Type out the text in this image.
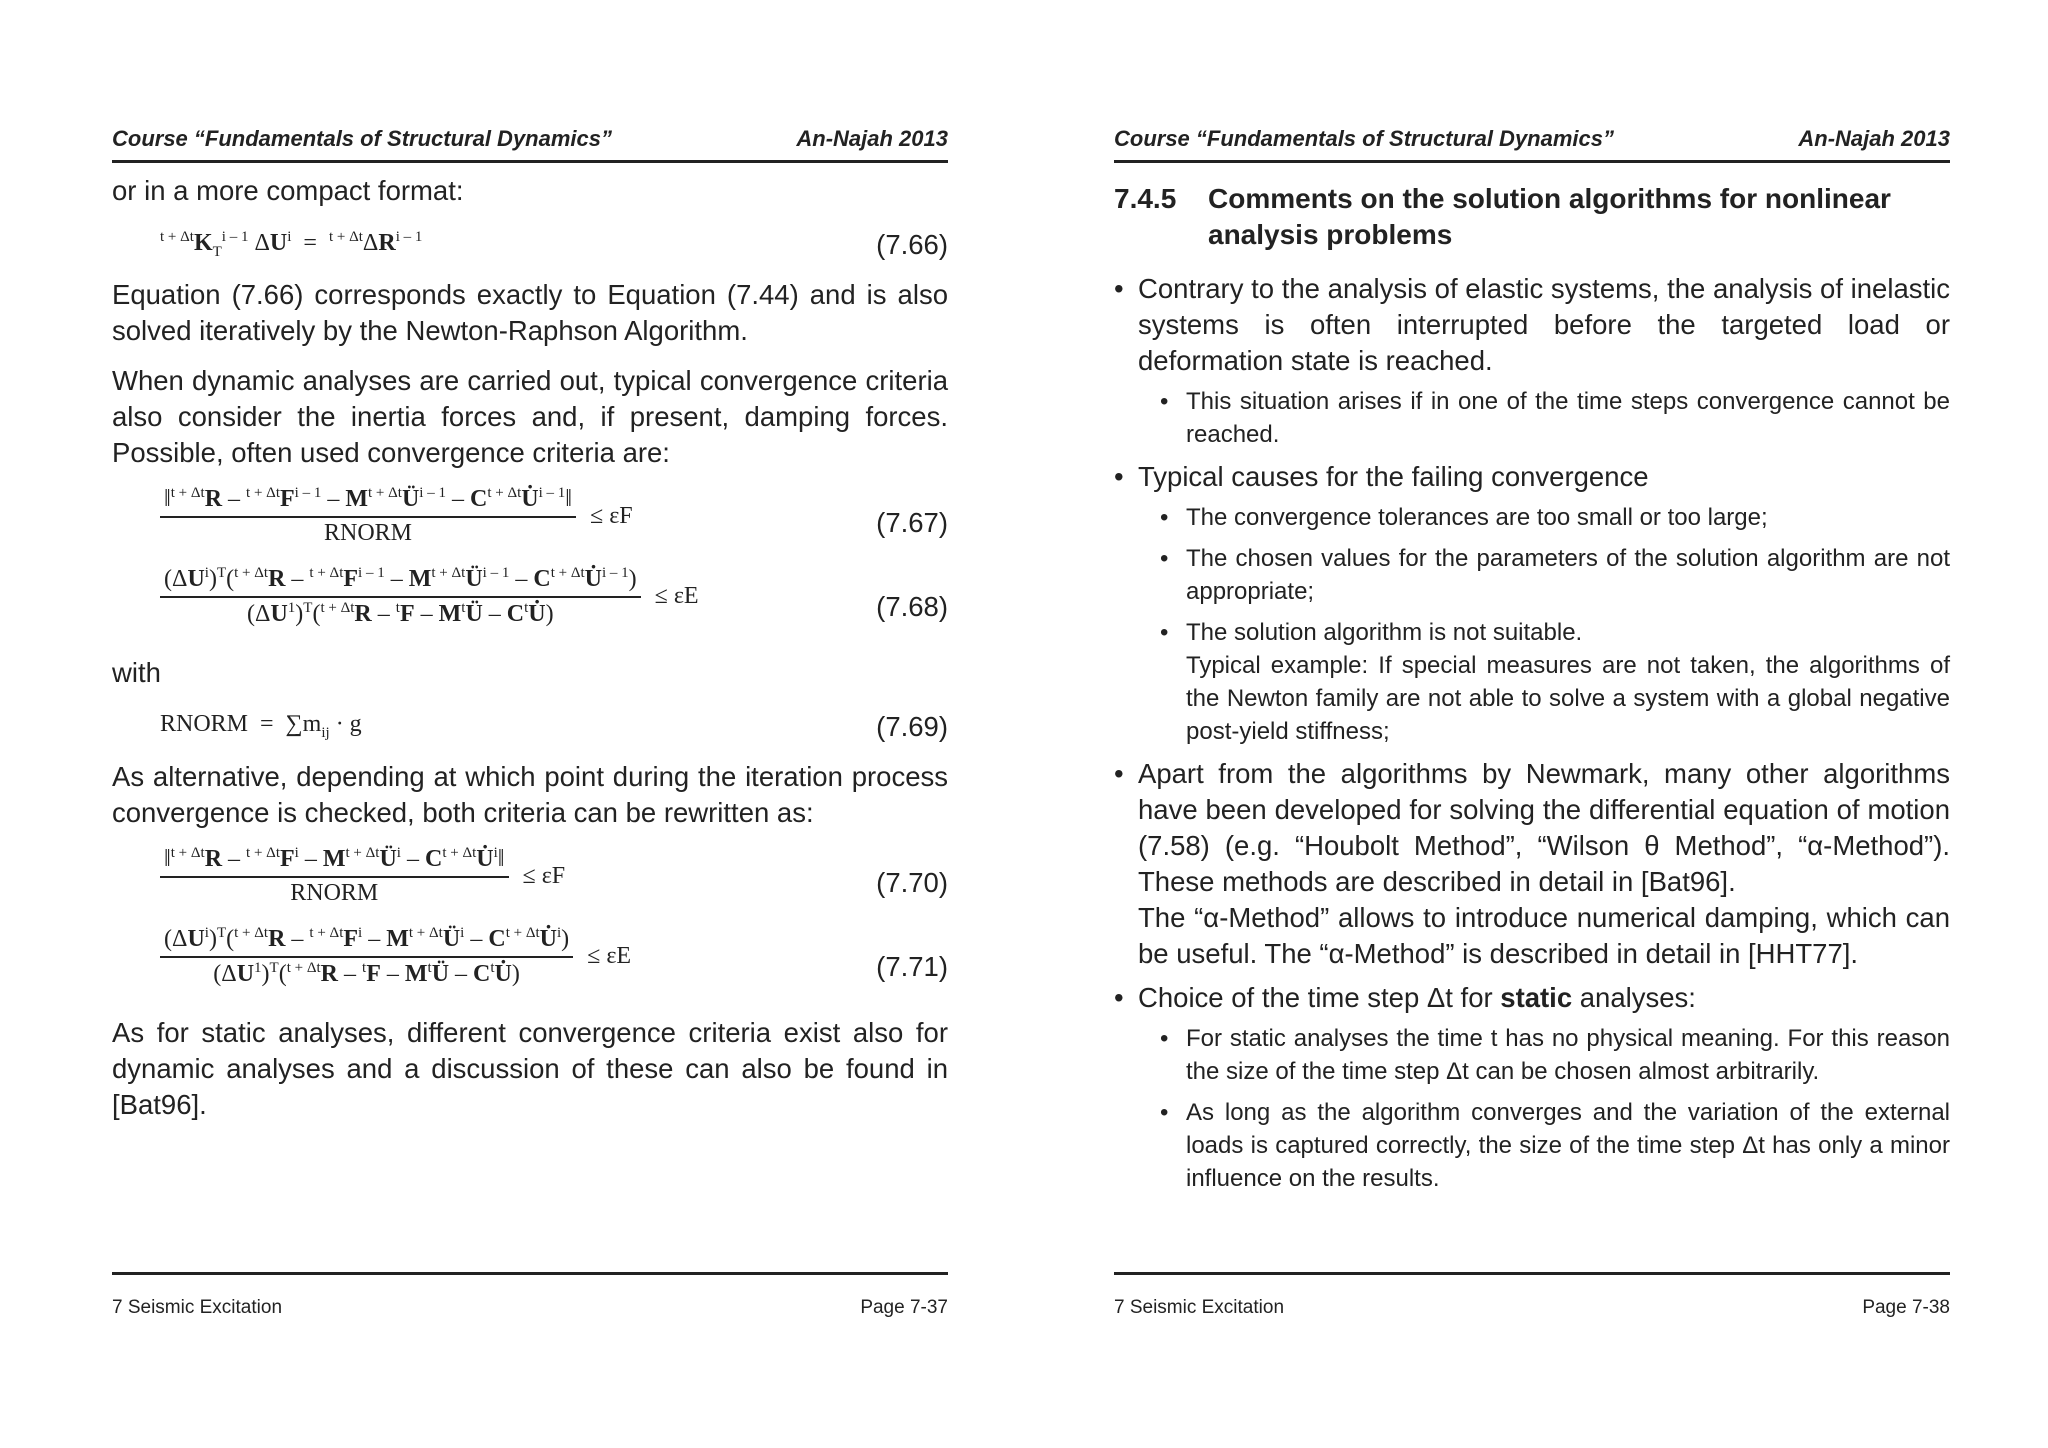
Course “Fundamentals of Structural Dynamics”	An-Najah 2013

or in a more compact format:

$^{t + \Delta t}K_T^{i - 1}$ $\Delta U^i = ^{t + \Delta t}\Delta R^{i - 1}$	(7.66)

Equation (7.66) corresponds exactly to Equation (7.44) and is also solved iteratively by the Newton-Raphson Algorithm.

When dynamic analyses are carried out, typical convergence criteria also consider the inertia forces and, if present, damping forces. Possible, often used convergence criteria are:

$\frac{‖^{t + \Delta t}R - ^{t + \Delta t}F^{i - 1} - M^{t + \Delta t}Ü^{i - 1} - C^{t + \Delta t}U̇^{i - 1}‖}{\text{RNORM}} \le \varepsilon F$	(7.67)
$(\Delta U^i)^T(^{t + \Delta t}R - ^{t + \Delta t}F^{i - 1}$ – $M^{t + \Delta t}Ü^{i - 1}$ – $C^{t + \Delta t}U̇^{i - 1}$)
$(\Delta U^1)^T(^{t + \Delta t}R - ^tF$ – $M^tÜ$ – $C^tU̇$)
≤ εE	(7.68)

with

RNORM  =  $\sum m_{ij} \cdot g$	(7.69)

As alternative, depending at which point during the iteration process convergence is checked, both criteria can be rewritten as:

$\frac{‖^{t + \Delta t}R - ^{t + \Delta t}F^i - M^{t + \Delta t}Ü^i - C^{t + \Delta t}U̇^i‖}{\text{RNORM}} \le \varepsilon F$	(7.70)
$\frac{(\Delta U^i)^T(^{t + \Delta t}R - ^{t + \Delta t}F^i - M^{t + \Delta t}Ü^i - C^{t + \Delta t}U̇^i)}{(\Delta U^1)^T(^{t + \Delta t}R - ^tF - M^tÜ - C^tU̇)} \le \varepsilon E$	(7.71)

As for static analyses, different convergence criteria exist also for dynamic analyses and a discussion of these can also be found in [Bat96].

7 Seismic Excitation	Page 7-37
Course “Fundamentals of Structural Dynamics”	An-Najah 2013
7.4.5	Comments on the solution algorithms for nonlinear analysis problems
• Contrary to the analysis of elastic systems, the analysis of inelastic systems is often interrupted before the targeted load or deformation state is reached.
• This situation arises if in one of the time steps convergence cannot be reached.
• Typical causes for the failing convergence
• The convergence tolerances are too small or too large;
• The chosen values for the parameters of the solution algorithm are not appropriate;
• The solution algorithm is not suitable.
Typical example: If special measures are not taken, the algorithms of the Newton family are not able to solve a system with a global negative post-yield stiffness;
• Apart from the algorithms by Newmark, many other algorithms have been developed for solving the differential equation of motion (7.58) (e.g. “Houbolt Method”, “Wilson θ Method”, “α-Method”). These methods are described in detail in [Bat96].
The “α-Method” allows to introduce numerical damping, which can be useful. The “α-Method” is described in detail in [HHT77].
• Choice of the time step Δt for static analyses:
• For static analyses the time t has no physical meaning. For this reason the size of the time step Δt can be chosen almost arbitrarily.
• As long as the algorithm converges and the variation of the external loads is captured correctly, the size of the time step Δt has only a minor influence on the results.
7 Seismic Excitation	Page 7-38
